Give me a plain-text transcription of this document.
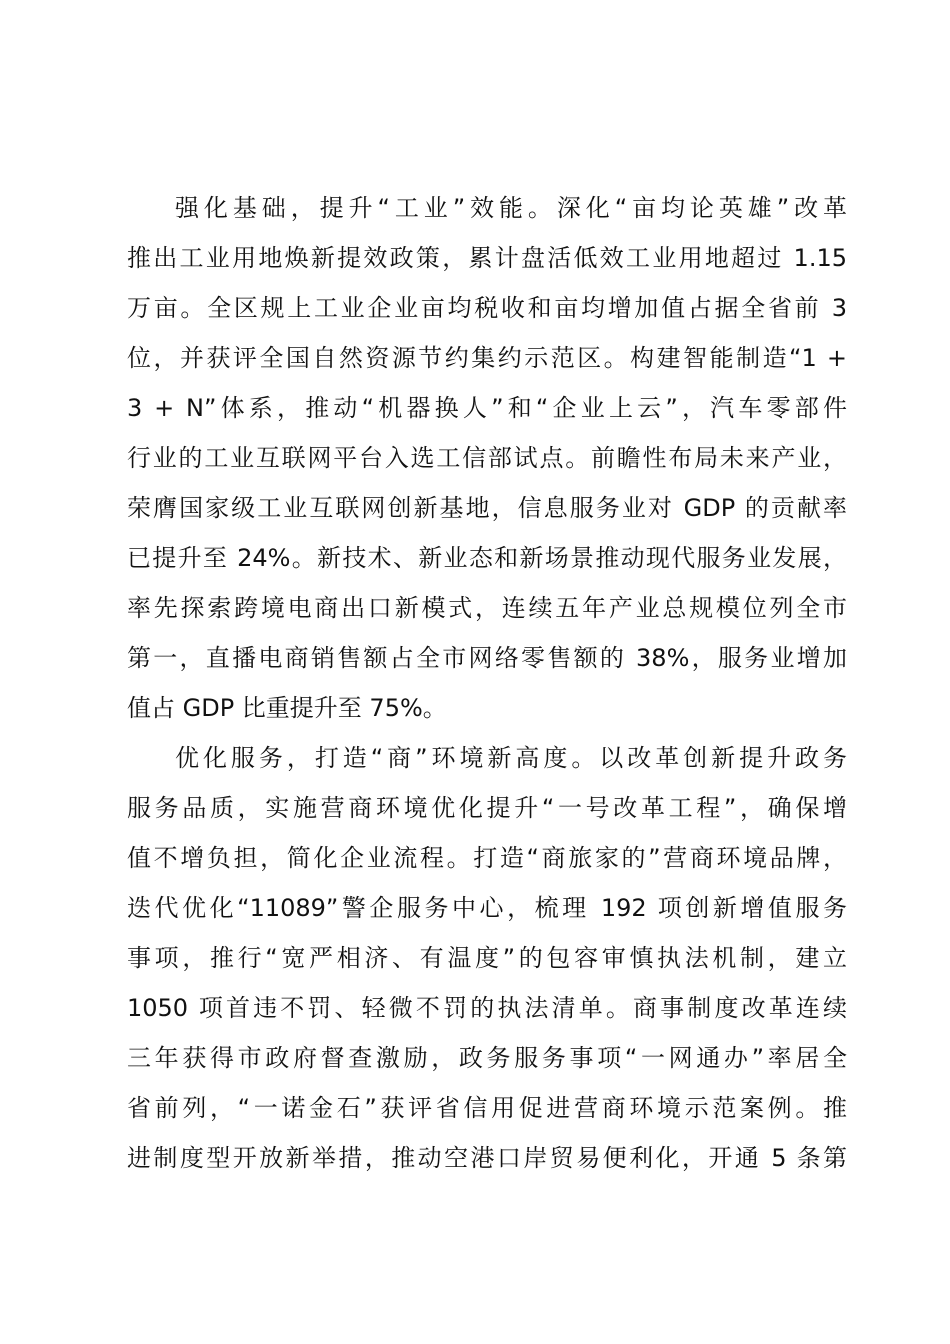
强化基础，提升“工业”效能。深化“亩均论英雄”改革
推出工业用地焕新提效政策，累计盘活低效工业用地超过 1.15
万亩。全区规上工业企业亩均税收和亩均增加值占据全省前 3
位，并获评全国自然资源节约集约示范区。构建智能制造“1 +
3 + N”体系，推动“机器换人”和“企业上云”，汽车零部件
行业的工业互联网平台入选工信部试点。前瞻性布局未来产业，
荣膺国家级工业互联网创新基地，信息服务业对 GDP 的贡献率
已提升至 24%。新技术、新业态和新场景推动现代服务业发展，
率先探索跨境电商出口新模式，连续五年产业总规模位列全市
第一，直播电商销售额占全市网络零售额的 38%，服务业增加
值占 GDP 比重提升至 75%。
优化服务，打造“商”环境新高度。以改革创新提升政务
服务品质，实施营商环境优化提升“一号改革工程”，确保增
值不增负担，简化企业流程。打造“商旅家的”营商环境品牌，
迭代优化“11089”警企服务中心，梳理 192 项创新增值服务
事项，推行“宽严相济、有温度”的包容审慎执法机制，建立
1050 项首违不罚、轻微不罚的执法清单。商事制度改革连续
三年获得市政府督查激励，政务服务事项“一网通办”率居全
省前列，“一诺金石”获评省信用促进营商环境示范案例。推
进制度型开放新举措，推动空港口岸贸易便利化，开通 5 条第
